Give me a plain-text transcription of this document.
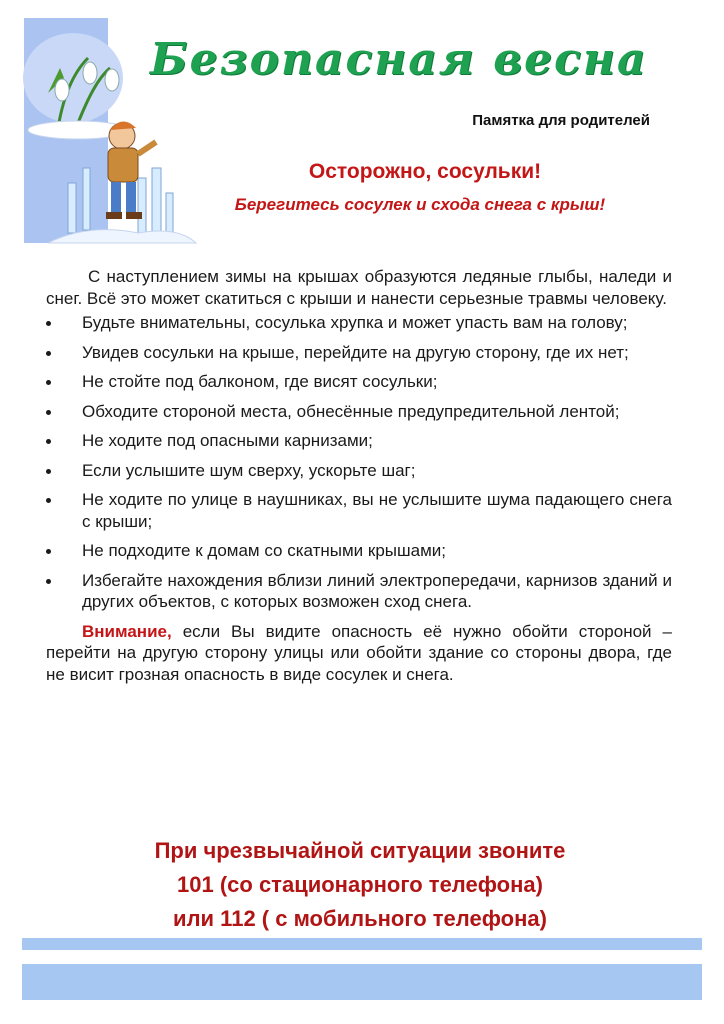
Безопасная весна
Памятка для родителей
Осторожно, сосульки!
Берегитесь сосулек и схода снега с крыш!

С наступлением зимы на крышах образуются ледяные глыбы, наледи и снег. Всё это может скатиться с крыши и нанести серьезные травмы человеку.

Будьте внимательны, сосулька хрупка и может упасть вам на голову;
Увидев сосульки на крыше, перейдите на другую сторону, где их нет;
Не стойте под балконом, где висят сосульки;
Обходите стороной места, обнесённые предупредительной лентой;
Не ходите под опасными карнизами;
Если услышите шум сверху, ускорьте шаг;
Не ходите по улице в наушниках, вы не услышите шума падающего снега с крыши;
Не подходите к домам со скатными крышами;
Избегайте нахождения вблизи линий электропередачи, карнизов зданий и других объектов, с которых возможен сход снега.

Внимание, если Вы видите опасность её нужно обойти стороной – перейти на другую сторону улицы или обойти здание со стороны двора, где не висит грозная опасность в виде сосулек и снега.

При чрезвычайной ситуации звоните
101 (со стационарного телефона)
или 112 ( с мобильного телефона)
